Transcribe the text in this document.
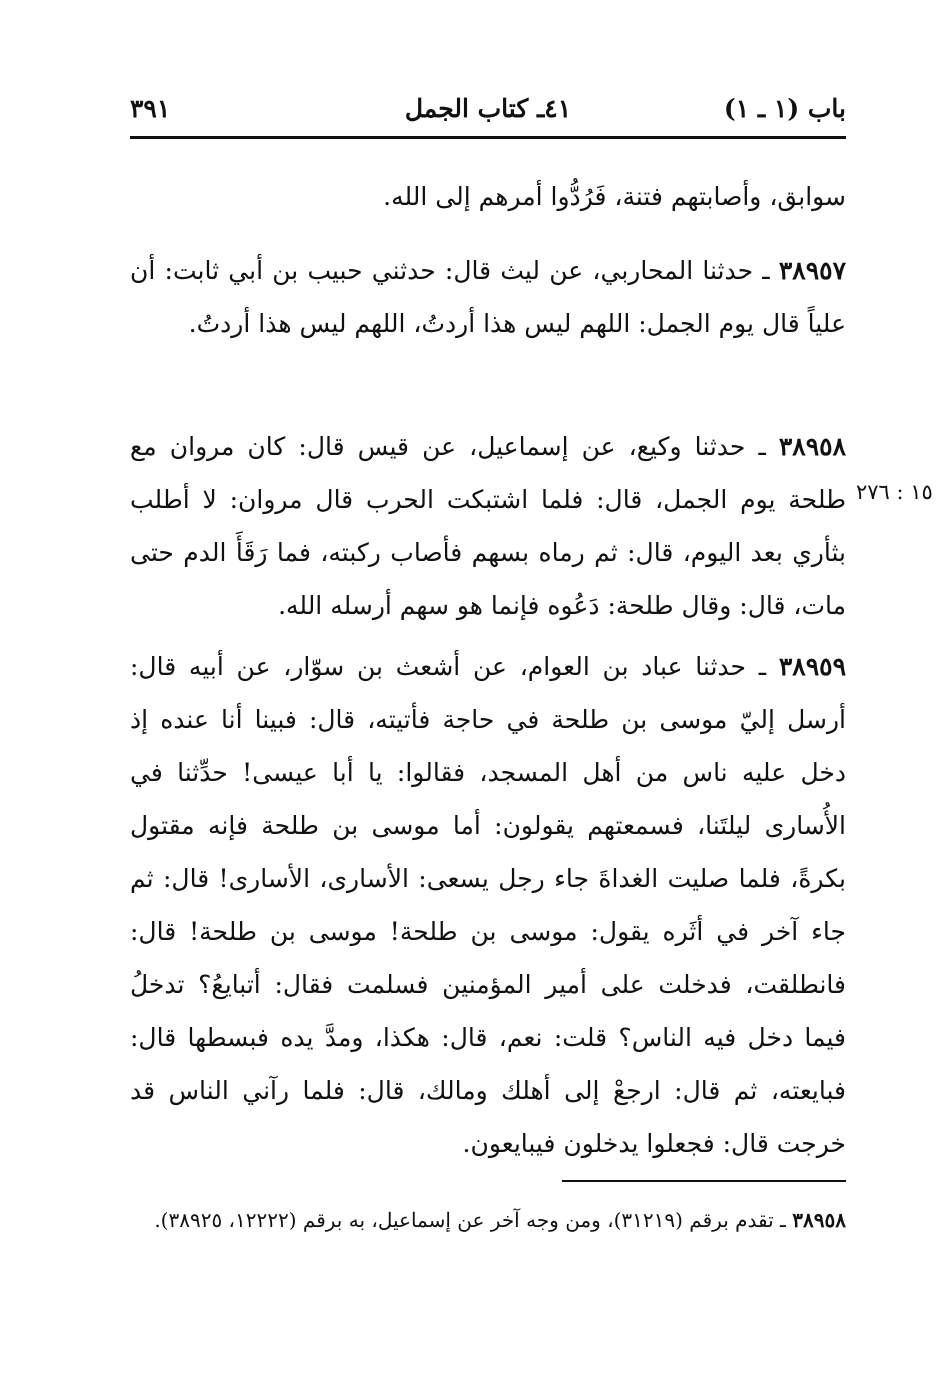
باب (١ ـ ١)
٤١ـ كتاب الجمل
٣٩١

سوابق، وأصابتهم فتنة، فَرُدُّوا أمرهم إلى الله.

٣٨٩٥٧ ـ حدثنا المحاربي، عن ليث قال: حدثني حبيب بن أبي ثابت: أن علياً قال يوم الجمل: اللهم ليس هذا أردتُ، اللهم ليس هذا أردتُ.

٣٨٩٥٨ ـ حدثنا وكيع، عن إسماعيل، عن قيس قال: كان مروان مع طلحة يوم الجمل، قال: فلما اشتبكت الحرب قال مروان: لا أطلب بثأري بعد اليوم، قال: ثم رماه بسهم فأصاب ركبته، فما رَقَأَ الدم حتى مات، قال: وقال طلحة: دَعُوه فإنما هو سهم أرسله الله.

١٥ : ٢٧٦

٣٨٩٥٩ ـ حدثنا عباد بن العوام، عن أشعث بن سوّار، عن أبيه قال: أرسل إليّ موسى بن طلحة في حاجة فأتيته، قال: فبينا أنا عنده إذ دخل عليه ناس من أهل المسجد، فقالوا: يا أبا عيسى! حدِّثنا في الأُسارى ليلتَنا، فسمعتهم يقولون: أما موسى بن طلحة فإنه مقتول بكرةً، فلما صليت الغداةَ جاء رجل يسعى: الأسارى، الأسارى! قال: ثم جاء آخر في أثَره يقول: موسى بن طلحة! موسى بن طلحة! قال: فانطلقت، فدخلت على أمير المؤمنين فسلمت فقال: أتبايعُ؟ تدخلُ فيما دخل فيه الناس؟ قلت: نعم، قال: هكذا، ومدَّ يده فبسطها قال: فبايعته، ثم قال: ارجعْ إلى أهلك ومالك، قال: فلما رآني الناس قد خرجت قال: فجعلوا يدخلون فيبايعون.

٣٨٩٥٨ ـ تقدم برقم (٣١٢١٩)، ومن وجه آخر عن إسماعيل، به برقم (١٢٢٢٢، ٣٨٩٢٥).
